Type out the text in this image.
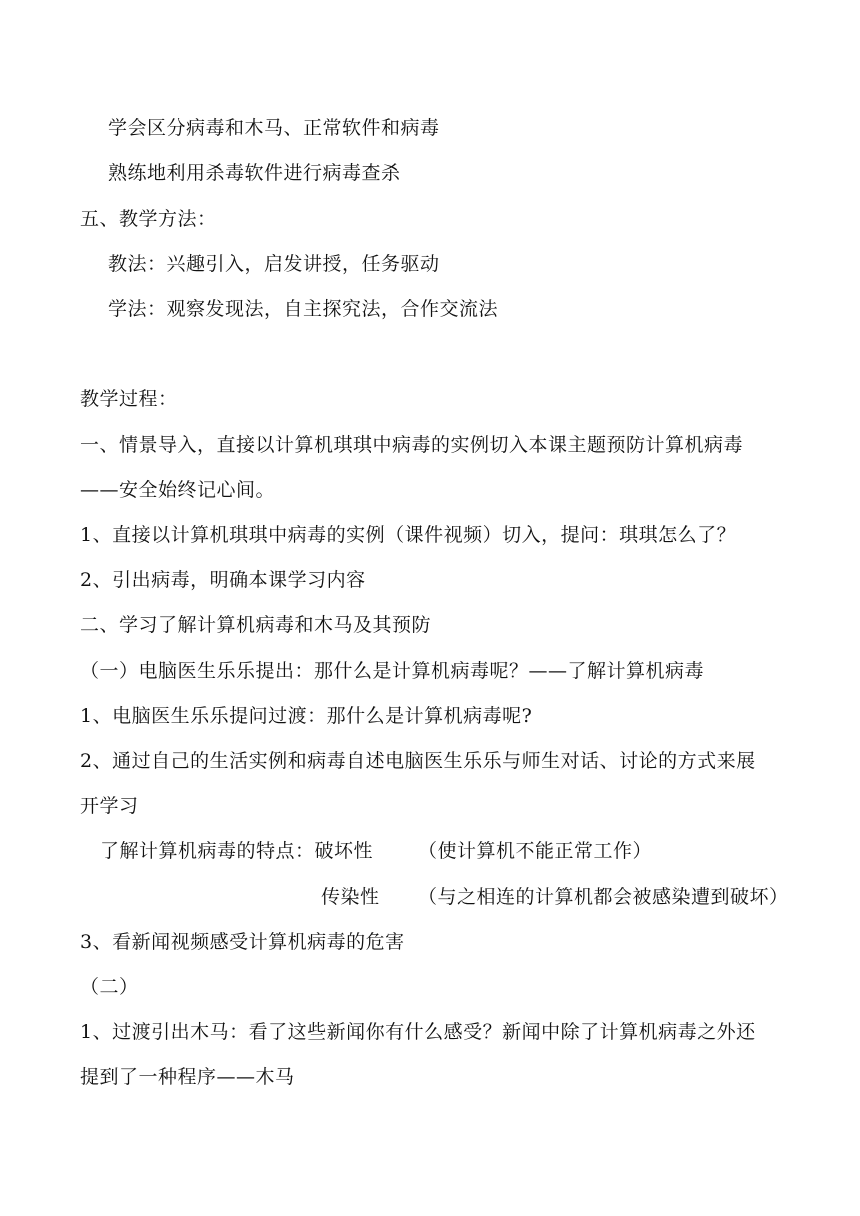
学会区分病毒和木马、正常软件和病毒
熟练地利用杀毒软件进行病毒查杀
五、教学方法：
教法：兴趣引入，启发讲授，任务驱动
学法：观察发现法，自主探究法，合作交流法
教学过程：
一、情景导入，直接以计算机琪琪中病毒的实例切入本课主题预防计算机病毒
——安全始终记心间。
1、直接以计算机琪琪中病毒的实例（课件视频）切入，提问：琪琪怎么了？
2、引出病毒，明确本课学习内容
二、学习了解计算机病毒和木马及其预防
（一）电脑医生乐乐提出：那什么是计算机病毒呢？——了解计算机病毒
1、电脑医生乐乐提问过渡：那什么是计算机病毒呢?
2、通过自己的生活实例和病毒自述电脑医生乐乐与师生对话、讨论的方式来展
开学习
了解计算机病毒的特点：破坏性 （使计算机不能正常工作）
传染性 （与之相连的计算机都会被感染遭到破坏）
3、看新闻视频感受计算机病毒的危害
（二）
1、过渡引出木马：看了这些新闻你有什么感受？新闻中除了计算机病毒之外还
提到了一种程序——木马
